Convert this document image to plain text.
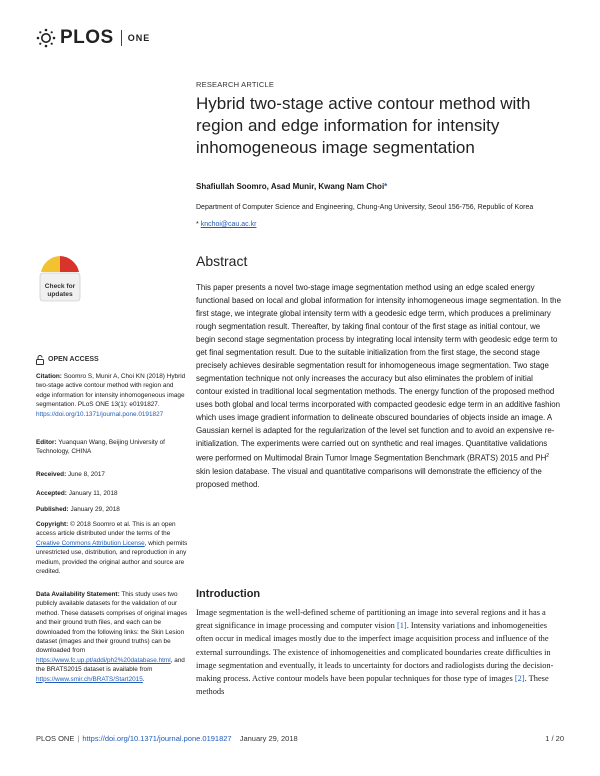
PLOS ONE
RESEARCH ARTICLE
Hybrid two-stage active contour method with region and edge information for intensity inhomogeneous image segmentation
Shafiullah Soomro, Asad Munir, Kwang Nam Choi*
Department of Computer Science and Engineering, Chung-Ang University, Seoul 156-756, Republic of Korea
* knchoi@cau.ac.kr
Abstract
This paper presents a novel two-stage image segmentation method using an edge scaled energy functional based on local and global information for intensity inhomogeneous image segmentation. In the first stage, we integrate global intensity term with a geodesic edge term, which produces a preliminary rough segmentation result. Thereafter, by taking final contour of the first stage as initial contour, we begin second stage segmentation process by integrating local intensity term with geodesic edge term to get final segmentation result. Due to the suitable initialization from the first stage, the second stage precisely achieves desirable segmentation result for inhomogeneous image segmentation. Two stage segmentation technique not only increases the accuracy but also eliminates the problem of initial contour existed in traditional local segmentation methods. The energy function of the proposed method uses both global and local terms incorporated with compacted geodesic edge term in an additive fashion which uses image gradient information to delineate obscured boundaries of objects inside an image. A Gaussian kernel is adapted for the regularization of the level set function and to avoid an expensive re-initialization. The experiments were carried out on synthetic and real images. Quantitative validations were performed on Multimodal Brain Tumor Image Segmentation Benchmark (BRATS) 2015 and $PH^2$ skin lesion database. The visual and quantitative comparisons will demonstrate the efficiency of the proposed method.
Introduction
Image segmentation is the well-defined scheme of partitioning an image into several regions and it has a great significance in image processing and computer vision [1]. Intensity variations and inhomogeneities often occur in medical images mostly due to the imperfect image acquisition process and influence of the external surroundings. The existence of inhomogeneities and complicated boundaries create difficulties in image segmentation and eventually, it leads to uncertainty for doctors and radiologists during the decision-making process. Active contour models have been popular techniques for those type of images [2]. These methods
Check for
updates
OPEN ACCESS
Citation: Soomro S, Munir A, Choi KN (2018) Hybrid two-stage active contour method with region and edge information for intensity inhomogeneous image segmentation. PLoS ONE 13(1): e0191827. https://doi.org/10.1371/journal.pone.0191827
Editor: Yuanquan Wang, Beijing University of Technology, CHINA
Received: June 8, 2017
Accepted: January 11, 2018
Published: January 29, 2018
Copyright: © 2018 Soomro et al. This is an open access article distributed under the terms of the Creative Commons Attribution License, which permits unrestricted use, distribution, and reproduction in any medium, provided the original author and source are credited.
Data Availability Statement: This study uses two publicly available datasets for the validation of our method. These datasets comprises of original images and their ground truth files, and each can be downloaded from the following links: the Skin Lesion dataset (images and their ground truths) can be downloaded from https://www.fc.up.pt/addi/ph2%20database.html, and the BRATS2015 dataset is available from https://www.smir.ch/BRATS/Start2015.
PLOS ONE | https://doi.org/10.1371/journal.pone.0191827 January 29, 2018	1 / 20
